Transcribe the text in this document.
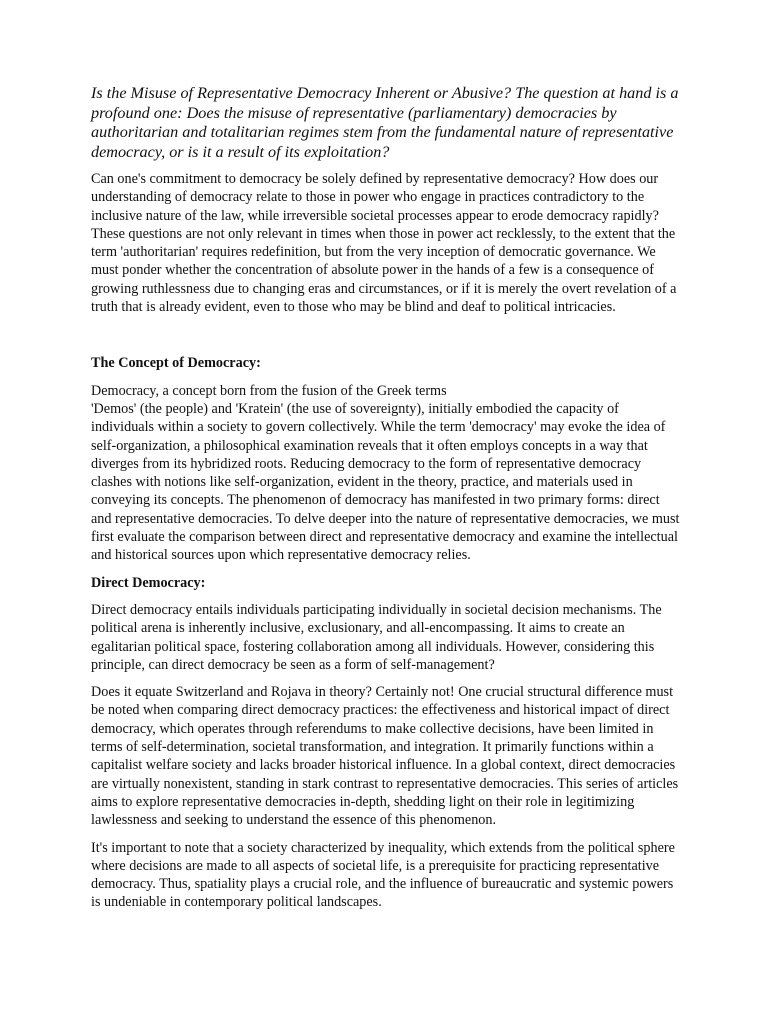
Is the Misuse of Representative Democracy Inherent or Abusive? The question at hand is a profound one: Does the misuse of representative (parliamentary) democracies by authoritarian and totalitarian regimes stem from the fundamental nature of representative democracy, or is it a result of its exploitation?

Can one's commitment to democracy be solely defined by representative democracy? How does our understanding of democracy relate to those in power who engage in practices contradictory to the inclusive nature of the law, while irreversible societal processes appear to erode democracy rapidly? These questions are not only relevant in times when those in power act recklessly, to the extent that the term 'authoritarian' requires redefinition, but from the very inception of democratic governance. We must ponder whether the concentration of absolute power in the hands of a few is a consequence of growing ruthlessness due to changing eras and circumstances, or if it is merely the overt revelation of a truth that is already evident, even to those who may be blind and deaf to political intricacies.

The Concept of Democracy:

Democracy, a concept born from the fusion of the Greek terms
'Demos' (the people) and 'Kratein' (the use of sovereignty), initially embodied the capacity of individuals within a society to govern collectively. While the term 'democracy' may evoke the idea of self-organization, a philosophical examination reveals that it often employs concepts in a way that diverges from its hybridized roots. Reducing democracy to the form of representative democracy clashes with notions like self-organization, evident in the theory, practice, and materials used in conveying its concepts. The phenomenon of democracy has manifested in two primary forms: direct and representative democracies. To delve deeper into the nature of representative democracies, we must first evaluate the comparison between direct and representative democracy and examine the intellectual and historical sources upon which representative democracy relies.

Direct Democracy:

Direct democracy entails individuals participating individually in societal decision mechanisms. The political arena is inherently inclusive, exclusionary, and all-encompassing. It aims to create an egalitarian political space, fostering collaboration among all individuals. However, considering this principle, can direct democracy be seen as a form of self-management?

Does it equate Switzerland and Rojava in theory? Certainly not! One crucial structural difference must be noted when comparing direct democracy practices: the effectiveness and historical impact of direct democracy, which operates through referendums to make collective decisions, have been limited in terms of self-determination, societal transformation, and integration. It primarily functions within a capitalist welfare society and lacks broader historical influence. In a global context, direct democracies are virtually nonexistent, standing in stark contrast to representative democracies. This series of articles aims to explore representative democracies in-depth, shedding light on their role in legitimizing lawlessness and seeking to understand the essence of this phenomenon.

It's important to note that a society characterized by inequality, which extends from the political sphere where decisions are made to all aspects of societal life, is a prerequisite for practicing representative democracy. Thus, spatiality plays a crucial role, and the influence of bureaucratic and systemic powers is undeniable in contemporary political landscapes.
